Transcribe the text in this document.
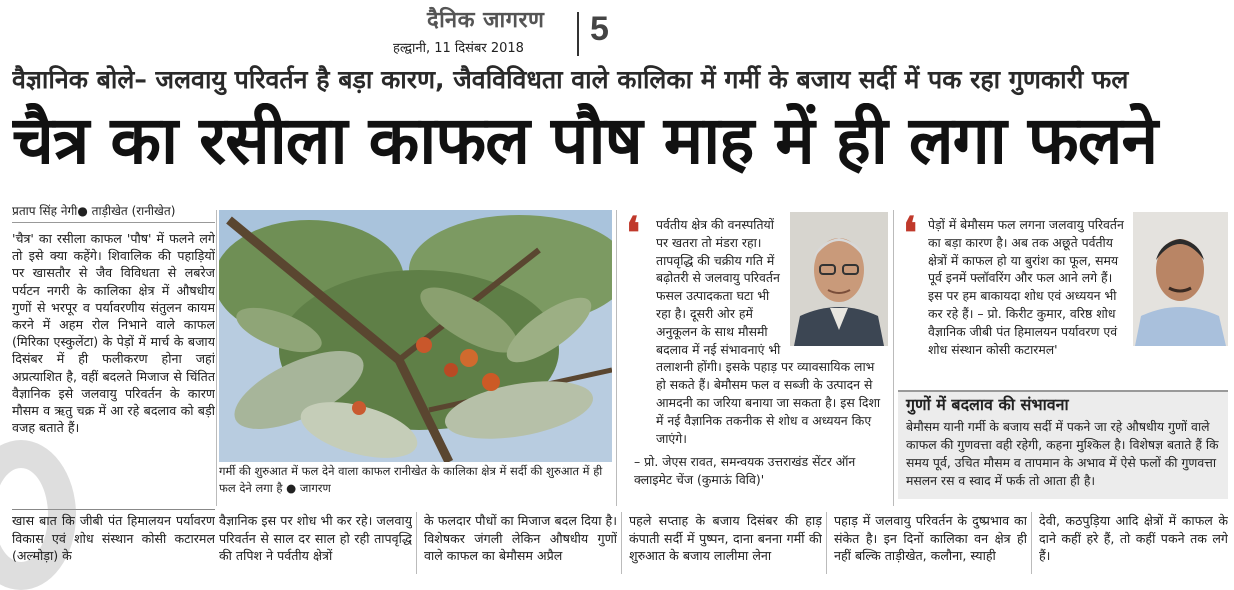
दैनिक जागरण
हल्द्वानी, 11 दिसंबर 2018
5
वैज्ञानिक बोले– जलवायु परिवर्तन है बड़ा कारण, जैवविविधता वाले कालिका में गर्मी के बजाय सर्दी में पक रहा गुणकारी फल
चैत्र का रसीला काफल पौष माह में ही लगा फलने
प्रताप सिंह नेगी● ताड़ीखेत (रानीखेत)
'चैत्र' का रसीला काफल 'पौष' में फलने लगे तो इसे क्या कहेंगे। शिवालिक की पहाड़ियों पर खासतौर से जैव विविधता से लबरेज पर्यटन नगरी के कालिका क्षेत्र में औषधीय गुणों से भरपूर व पर्यावरणीय संतुलन कायम करने में अहम रोल निभाने वाले काफल (मिरिका एस्कुलेंटा) के पेड़ों में मार्च के बजाय दिसंबर में ही फलीकरण होना जहां अप्रत्याशित है, वहीं बदलते मिजाज से चिंतित वैज्ञानिक इसे जलवायु परिवर्तन के कारण मौसम व ऋतु चक्र में आ रहे बदलाव को बड़ी वजह बताते हैं।
गर्मी की शुरुआत में फल देने वाला काफल रानीखेत के कालिका क्षेत्र में सर्दी की शुरुआत में ही फल देने लगा है ● जागरण
❛	पर्वतीय क्षेत्र की वनस्पतियों पर खतरा तो मंडरा रहा। तापवृद्धि की चक्रीय गति में बढ़ोतरी से जलवायु परिवर्तन फसल उत्पादकता घटा भी रहा है। दूसरी ओर हमें अनुकूलन के साथ मौसमी बदलाव में नई संभावनाएं भी तलाशनी होंगी। इसके पहाड़ पर व्यावसायिक लाभ हो सकते हैं। बेमौसम फल व सब्जी के उत्पादन से आमदनी का जरिया बनाया जा सकता है। इस दिशा में नई वैज्ञानिक तकनीक से शोध व अध्ययन किए जाएंगे।
– प्रो. जेएस रावत, समन्वयक उत्तराखंड सेंटर ऑन क्लाइमेट चेंज (कुमाऊं विवि)'
❛ पेड़ों में बेमौसम फल लगना जलवायु परिवर्तन का बड़ा कारण है। अब तक अछूते पर्वतीय क्षेत्रों में काफल हो या बुरांश का फूल, समय पूर्व इनमें फ्लॉवरिंग और फल आने लगे हैं। इस पर हम बाकायदा शोध एवं अध्ययन भी कर रहे हैं। – प्रो. किरीट कुमार, वरिष्ठ शोध वैज्ञानिक जीबी पंत हिमालयन पर्यावरण एवं शोध संस्थान कोसी कटारमल'
गुणों में बदलाव की संभावना
बेमौसम यानी गर्मी के बजाय सर्दी में पकने जा रहे औषधीय गुणों वाले काफल की गुणवत्ता वही रहेगी, कहना मुश्किल है। विशेषज्ञ बताते हैं कि समय पूर्व, उचित मौसम व तापमान के अभाव में ऐसे फलों की गुणवत्ता मसलन रस व स्वाद में फर्क तो आता ही है।
खास बात कि जीबी पंत हिमालयन पर्यावरण विकास एवं शोध संस्थान कोसी कटारमल (अल्मोड़ा) के
वैज्ञानिक इस पर शोध भी कर रहे। जलवायु परिवर्तन से साल दर साल हो रही तापवृद्धि की तपिश ने पर्वतीय क्षेत्रों
के फलदार पौधों का मिजाज बदल दिया है। विशेषकर जंगली लेकिन औषधीय गुणों वाले काफल का बेमौसम अप्रैल
पहले सप्ताह के बजाय दिसंबर की हाड़ कंपाती सर्दी में पुष्पन, दाना बनना गर्मी की शुरुआत के बजाय लालीमा लेना
पहाड़ में जलवायु परिवर्तन के दुष्प्रभाव का संकेत है। इन दिनों कालिका वन क्षेत्र ही नहीं बल्कि ताड़ीखेत, कलौना, स्याही
देवी, कठपुड़िया आदि क्षेत्रों में काफल के दाने कहीं हरे हैं, तो कहीं पकने तक लगे हैं।
